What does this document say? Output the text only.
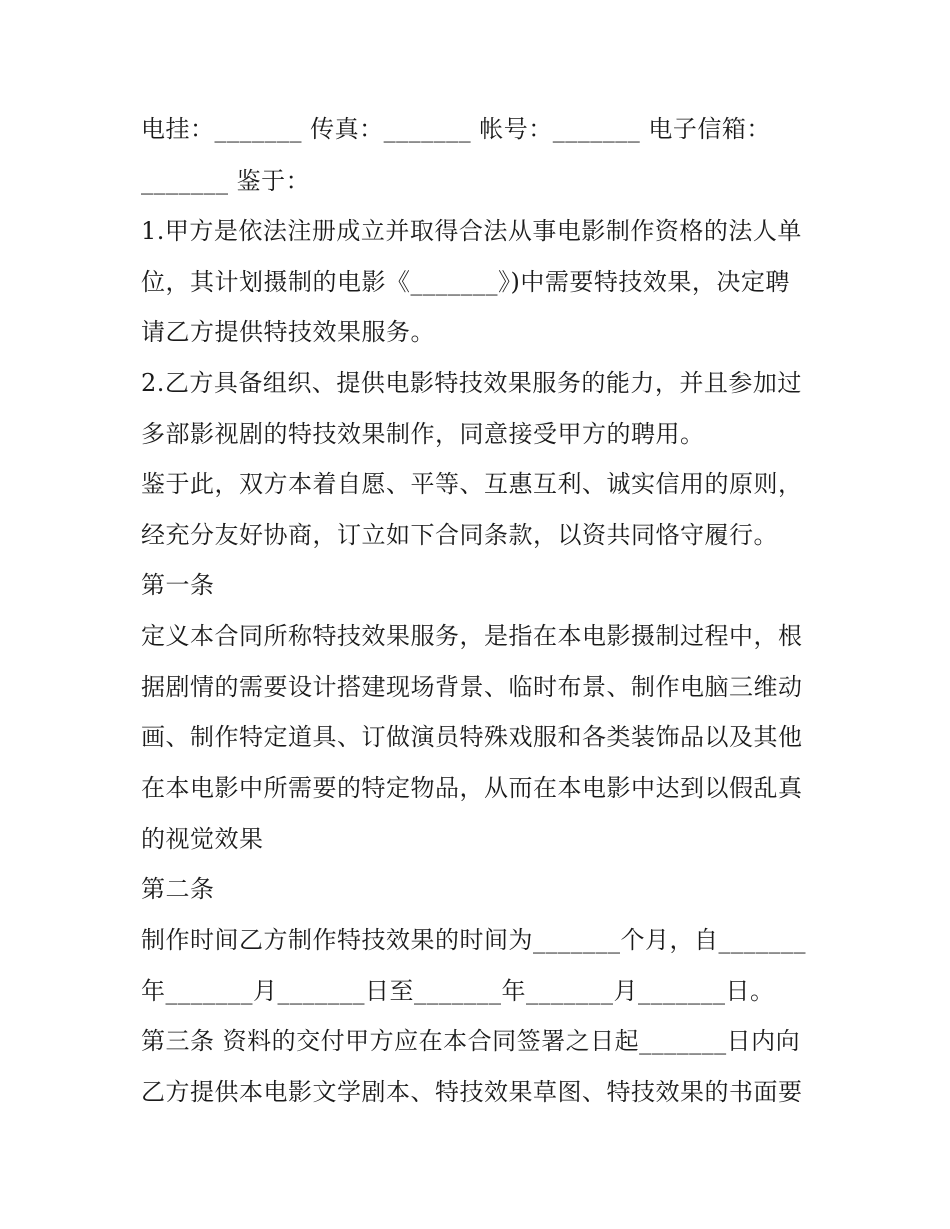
电挂：_______ 传真：_______ 帐号：_______ 电子信箱：
_______ 鉴于：
1.甲方是依法注册成立并取得合法从事电影制作资格的法人单
位，其计划摄制的电影《_______》)中需要特技效果，决定聘
请乙方提供特技效果服务。
2.乙方具备组织、提供电影特技效果服务的能力，并且参加过
多部影视剧的特技效果制作，同意接受甲方的聘用。
鉴于此，双方本着自愿、平等、互惠互利、诚实信用的原则，
经充分友好协商，订立如下合同条款，以资共同恪守履行。
第一条
定义本合同所称特技效果服务，是指在本电影摄制过程中，根
据剧情的需要设计搭建现场背景、临时布景、制作电脑三维动
画、制作特定道具、订做演员特殊戏服和各类装饰品以及其他
在本电影中所需要的特定物品，从而在本电影中达到以假乱真
的视觉效果
第二条
制作时间乙方制作特技效果的时间为_______个月，自_______
年_______月_______日至_______年_______月_______日。
第三条 资料的交付甲方应在本合同签署之日起_______日内向
乙方提供本电影文学剧本、特技效果草图、特技效果的书面要
